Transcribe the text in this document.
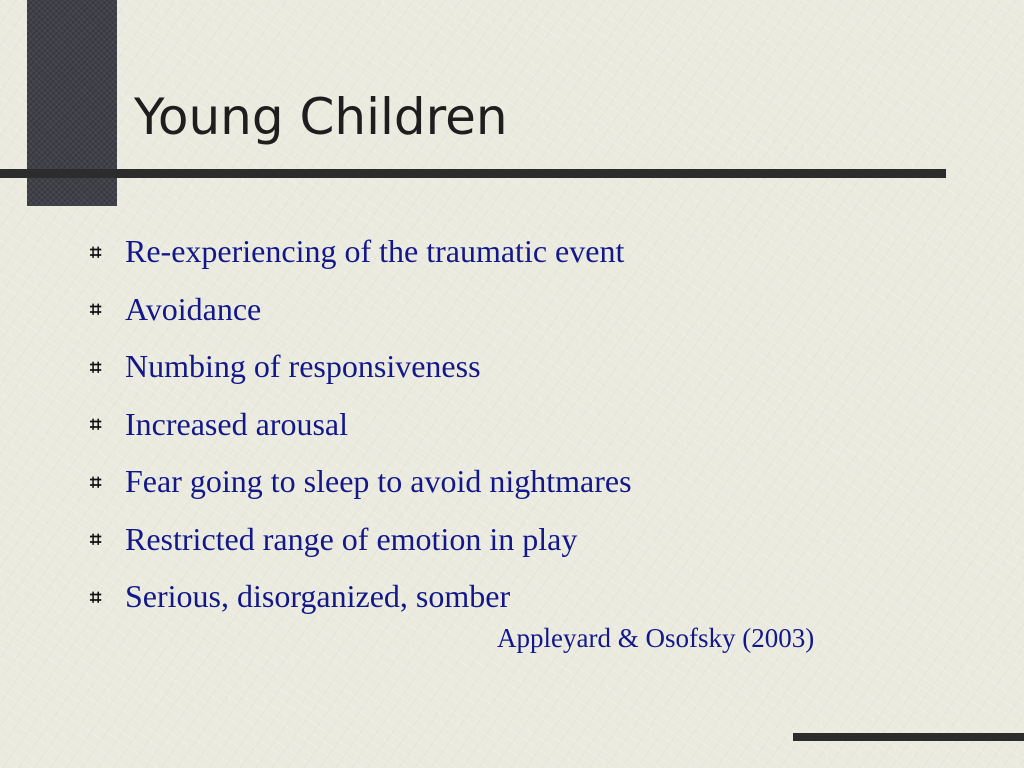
Young Children
⌗ Re-experiencing of the traumatic event
⌗ Avoidance
⌗ Numbing of responsiveness
⌗ Increased arousal
⌗ Fear going to sleep to avoid nightmares
⌗ Restricted range of emotion in play
⌗ Serious, disorganized, somber
Appleyard & Osofsky (2003)
